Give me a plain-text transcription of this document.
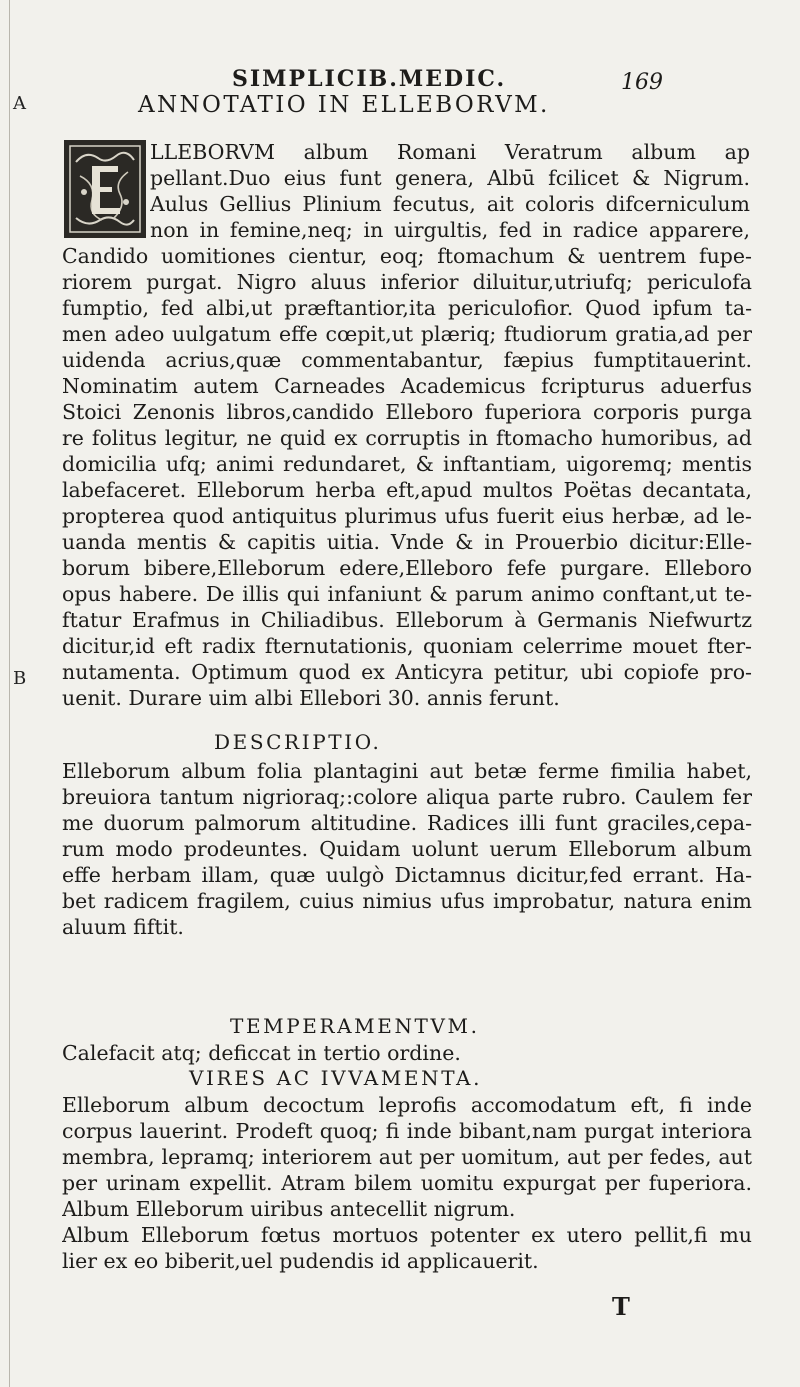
A
B
SIMPLICIB.MEDIC.	169
ANNOTATIO IN ELLEBORVM.
LLEBORVM album Romani Veratrum album ap
pellant.Duo eius funt genera, Albū fcilicet & Nigrum.
Aulus Gellius Plinium fecutus, ait coloris difcerniculum
non in femine,neq; in uirgultis, fed in radice apparere,
Candido uomitiones cientur, eoq; ftomachum & uentrem fupe-
riorem purgat. Nigro aluus inferior diluitur,utriufq; periculofa
fumptio, fed albi,ut præftantior,ita periculofior. Quod ipfum ta-
men adeo uulgatum effe cœpit,ut plæriq; ftudiorum gratia,ad per
uidenda acrius,quæ commentabantur, fæpius fumptitauerint.
Nominatim autem Carneades Academicus fcripturus aduerfus
Stoici Zenonis libros,candido Elleboro fuperiora corporis purga
re folitus legitur, ne quid ex corruptis in ftomacho humoribus, ad
domicilia ufq; animi redundaret, & inftantiam, uigoremq; mentis
labefaceret. Elleborum herba eft,apud multos Poëtas decantata,
propterea quod antiquitus plurimus ufus fuerit eius herbæ, ad le-
uanda mentis & capitis uitia. Vnde & in Prouerbio dicitur:Elle-
borum bibere,Elleborum edere,Elleboro fefe purgare. Elleboro
opus habere. De illis qui infaniunt & parum animo conftant,ut te-
ftatur Erafmus in Chiliadibus. Elleborum à Germanis Niefwurtz
dicitur,id eft radix fternutationis, quoniam celerrime mouet fter-
nutamenta. Optimum quod ex Anticyra petitur, ubi copiofe pro-
uenit. Durare uim albi Ellebori 30. annis ferunt.
DESCRIPTIO.
Elleborum album folia plantagini aut betæ ferme fimilia habet,
breuiora tantum nigrioraq;:colore aliqua parte rubro. Caulem fer
me duorum palmorum altitudine. Radices illi funt graciles,cepa-
rum modo prodeuntes. Quidam uolunt uerum Elleborum album
effe herbam illam, quæ uulgò Dictamnus dicitur,fed errant. Ha-
bet radicem fragilem, cuius nimius ufus improbatur, natura enim
aluum fiftit.
TEMPERAMENTVM.
Calefacit atq; deficcat in tertio ordine.
VIRES AC IVVAMENTA.
Elleborum album decoctum leprofis accomodatum eft, fi inde
corpus lauerint. Prodeft quoq; fi inde bibant,nam purgat interiora
membra, lepramq; interiorem aut per uomitum, aut per fedes, aut
per urinam expellit. Atram bilem uomitu expurgat per fuperiora.
Album Elleborum uiribus antecellit nigrum.
Album Elleborum fœtus mortuos potenter ex utero pellit,fi mu
lier ex eo biberit,uel pudendis id applicauerit.
T
